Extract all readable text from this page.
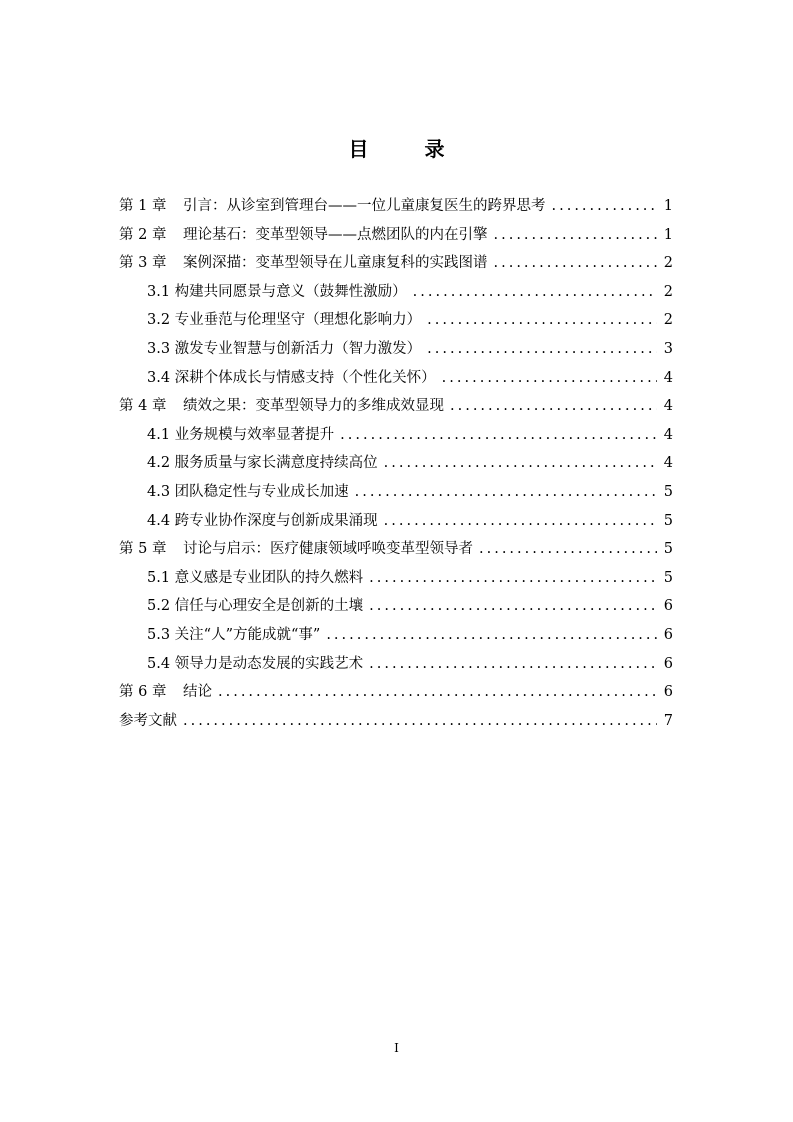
目　录
第 1 章	引言：从诊室到管理台——一位儿童康复医生的跨界思考 .....	1
第 2 章	理论基石：变革型领导——点燃团队的内在引擎 .....	1
第 3 章	案例深描：变革型领导在儿童康复科的实践图谱 .....	2
3.1 构建共同愿景与意义（鼓舞性激励） .....	2
3.2 专业垂范与伦理坚守（理想化影响力） .....	2
3.3 激发专业智慧与创新活力（智力激发） .....	3
3.4 深耕个体成长与情感支持（个性化关怀） .....	4
第 4 章	绩效之果：变革型领导力的多维成效显现 .....	4
4.1 业务规模与效率显著提升 .....	4
4.2 服务质量与家长满意度持续高位 .....	4
4.3 团队稳定性与专业成长加速 .....	5
4.4 跨专业协作深度与创新成果涌现 .....	5
第 5 章	讨论与启示：医疗健康领域呼唤变革型领导者 .....	5
5.1 意义感是专业团队的持久燃料 .....	5
5.2 信任与心理安全是创新的土壤 .....	6
5.3 关注“人”方能成就“事” .....	6
5.4 领导力是动态发展的实践艺术 .....	6
第 6 章	结论 .....	6
参考文献 .....	7
I
